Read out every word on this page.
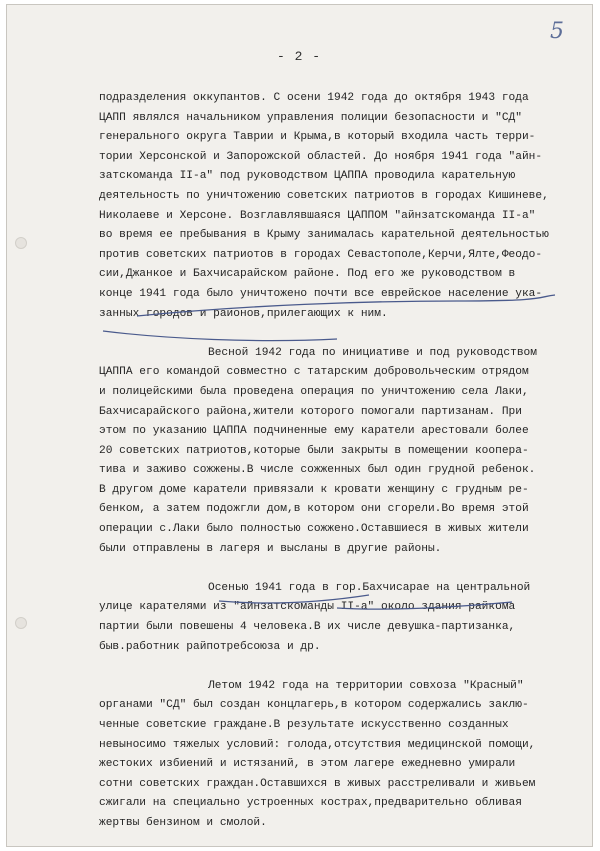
- 2 -
5
подразделения оккупантов. С осени 1942 года до октября 1943 года
ЦАПП являлся начальником управления полиции безопасности и "СД"
генерального округа Таврии и Крыма,в который входила часть терри-
тории Херсонской и Запорожской областей. До ноября 1941 года "айн-
затскоманда II-а" под руководством ЦАППА проводила карательную
деятельность по уничтожению советских патриотов в городах Кишиневе,
Николаеве и Херсоне. Возглавлявшаяся ЦАППОМ "айнзатскоманда II-а"
во время ее пребывания в Крыму занималась карательной деятельностью
против советских патриотов в городах Севастополе,Керчи,Ялте,Феодо-
сии,Джанкое и Бахчисарайском районе. Под его же руководством в
конце 1941 года было уничтожено почти все еврейское население ука-
занных городов и районов,прилегающих к ним.
Весной 1942 года по инициативе и под руководством
ЦАППА его командой совместно с татарским добровольческим отрядом
и полицейскими была проведена операция по уничтожению села Лаки,
Бахчисарайского района,жители которого помогали партизанам. При
этом по указанию ЦАППА подчиненные ему каратели арестовали более
20 советских патриотов,которые были закрыты в помещении коопера-
тива и заживо сожжены.В числе сожженных был один грудной ребенок.
В другом доме каратели привязали к кровати женщину с грудным ре-
бенком, а затем подожгли дом,в котором они сгорели.Во время этой
операции с.Лаки было полностью сожжено.Оставшиеся в живых жители
были отправлены в лагеря и высланы в другие районы.
Осенью 1941 года в гор.Бахчисарае на центральной
улице карателями из "айнзатскоманды II-а" около здания райкома
партии были повешены 4 человека.В их числе девушка-партизанка,
быв.работник райпотребсоюза и др.
Летом 1942 года на территории совхоза "Красный"
органами "СД" был создан концлагерь,в котором содержались заклю-
ченные советские граждане.В результате искусственно созданных
невыносимо тяжелых условий: голода,отсутствия медицинской помощи,
жестоких избиений и истязаний, в этом лагере ежедневно умирали
сотни советских граждан.Оставшихся в живых расстреливали и живьем
сжигали на специально устроенных кострах,предварительно обливая
жертвы бензином и смолой.
